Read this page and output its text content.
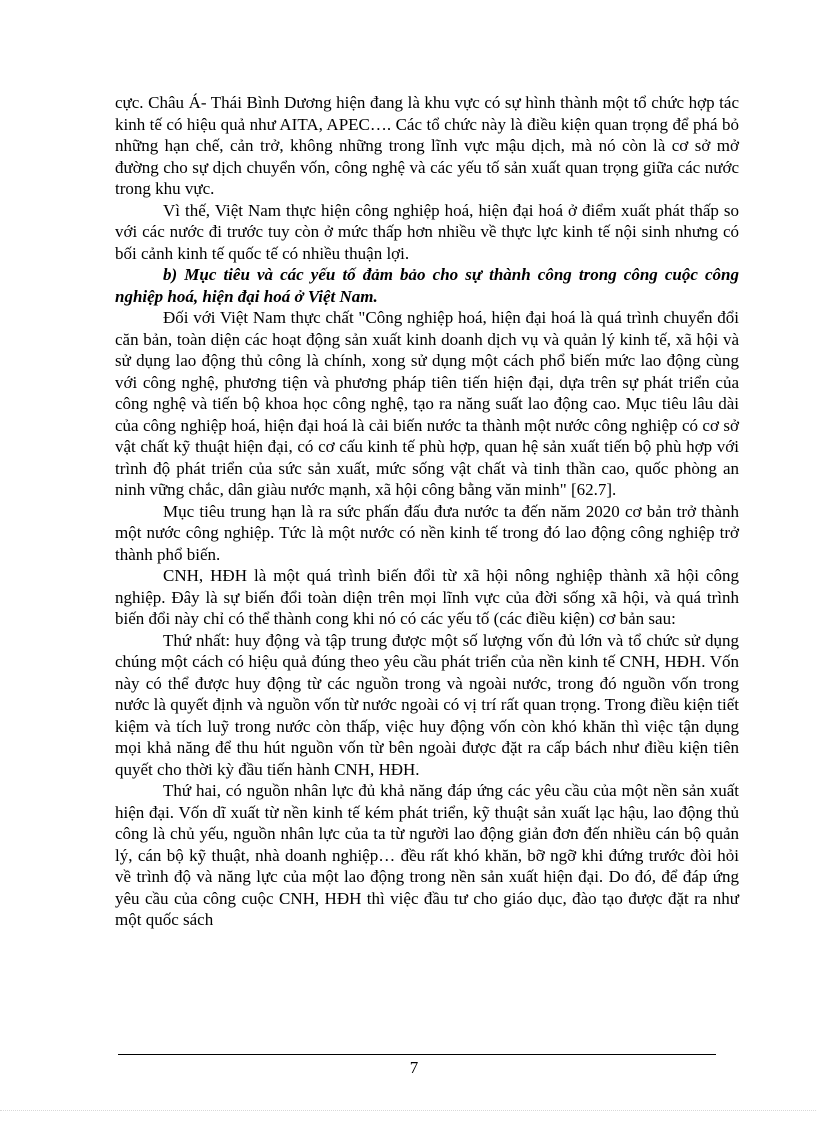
cực. Châu Á- Thái Bình Dương hiện đang là khu vực có sự hình thành một tổ chức hợp tác kinh tế có hiệu quả như AITA, APEC…. Các tổ chức này là điều kiện quan trọng để phá bỏ những hạn chế, cản trở, không những trong lĩnh vực mậu dịch, mà nó còn là cơ sở mở đường cho sự dịch chuyển vốn, công nghệ và các yếu tố sản xuất quan trọng giữa các nước trong khu vực.

Vì thế, Việt Nam thực hiện công nghiệp hoá, hiện đại hoá ở điểm xuất phát thấp so với các nước đi trước tuy còn ở mức thấp hơn nhiều về thực lực kinh tế nội sinh nhưng có bối cảnh kinh tế quốc tế có nhiều thuận lợi.

b) Mục tiêu và các yếu tố đảm bảo cho sự thành công trong công cuộc công nghiệp hoá, hiện đại hoá ở Việt Nam.

Đối với Việt Nam thực chất "Công nghiệp hoá, hiện đại hoá là quá trình chuyển đổi căn bản, toàn diện các hoạt động sản xuất kinh doanh dịch vụ và quản lý kinh tế, xã hội và sử dụng lao động thủ công là chính, xong sử dụng một cách phổ biến mức lao động cùng với công nghệ, phương tiện và phương pháp tiên tiến hiện đại, dựa trên sự phát triển của công nghệ và tiến bộ khoa học công nghệ, tạo ra năng suất lao động cao. Mục tiêu lâu dài của công nghiệp hoá, hiện đại hoá là cải biến nước ta thành một nước công nghiệp có cơ sở vật chất kỹ thuật hiện đại, có cơ cấu kinh tế phù hợp, quan hệ sản xuất tiến bộ phù hợp với trình độ phát triển của sức sản xuất, mức sống vật chất và tinh thần cao, quốc phòng an ninh vững chắc, dân giàu nước mạnh, xã hội công bằng văn minh" [62.7].

Mục tiêu trung hạn là ra sức phấn đấu đưa nước ta đến năm 2020 cơ bản trở thành một nước công nghiệp. Tức là một nước có nền kinh tế trong đó lao động công nghiệp trở thành phổ biến.

CNH, HĐH là một quá trình biến đổi từ xã hội nông nghiệp thành xã hội công nghiệp. Đây là sự biến đổi toàn diện trên mọi lĩnh vực của đời sống xã hội, và quá trình biến đổi này chỉ có thể thành cong khi nó có các yếu tố (các điều kiện) cơ bản sau:

Thứ nhất: huy động và tập trung được một số lượng vốn đủ lớn và tổ chức sử dụng chúng một cách có hiệu quả đúng theo yêu cầu phát triển của nền kinh tế CNH, HĐH. Vốn này có thể được huy động từ các nguồn trong và ngoài nước, trong đó nguồn vốn trong nước là quyết định và nguồn vốn từ nước ngoài có vị trí rất quan trọng. Trong điều kiện tiết kiệm và tích luỹ trong nước còn thấp, việc huy động vốn còn khó khăn thì việc tận dụng mọi khả năng để thu hút nguồn vốn từ bên ngoài được đặt ra cấp bách như điều kiện tiên quyết cho thời kỳ đầu tiến hành CNH, HĐH.

Thứ hai, có nguồn nhân lực đủ khả năng đáp ứng các yêu cầu của một nền sản xuất hiện đại. Vốn dĩ xuất từ nền kinh tế kém phát triển, kỹ thuật sản xuất lạc hậu, lao động thủ công là chủ yếu, nguồn nhân lực của ta từ người lao động giản đơn đến nhiều cán bộ quản lý, cán bộ kỹ thuật, nhà doanh nghiệp… đều rất khó khăn, bỡ ngỡ khi đứng trước đòi hỏi về trình độ và năng lực của một lao động trong nền sản xuất hiện đại. Do đó, để đáp ứng yêu cầu của công cuộc CNH, HĐH thì việc đầu tư cho giáo dục, đào tạo được đặt ra như một quốc sách

7
